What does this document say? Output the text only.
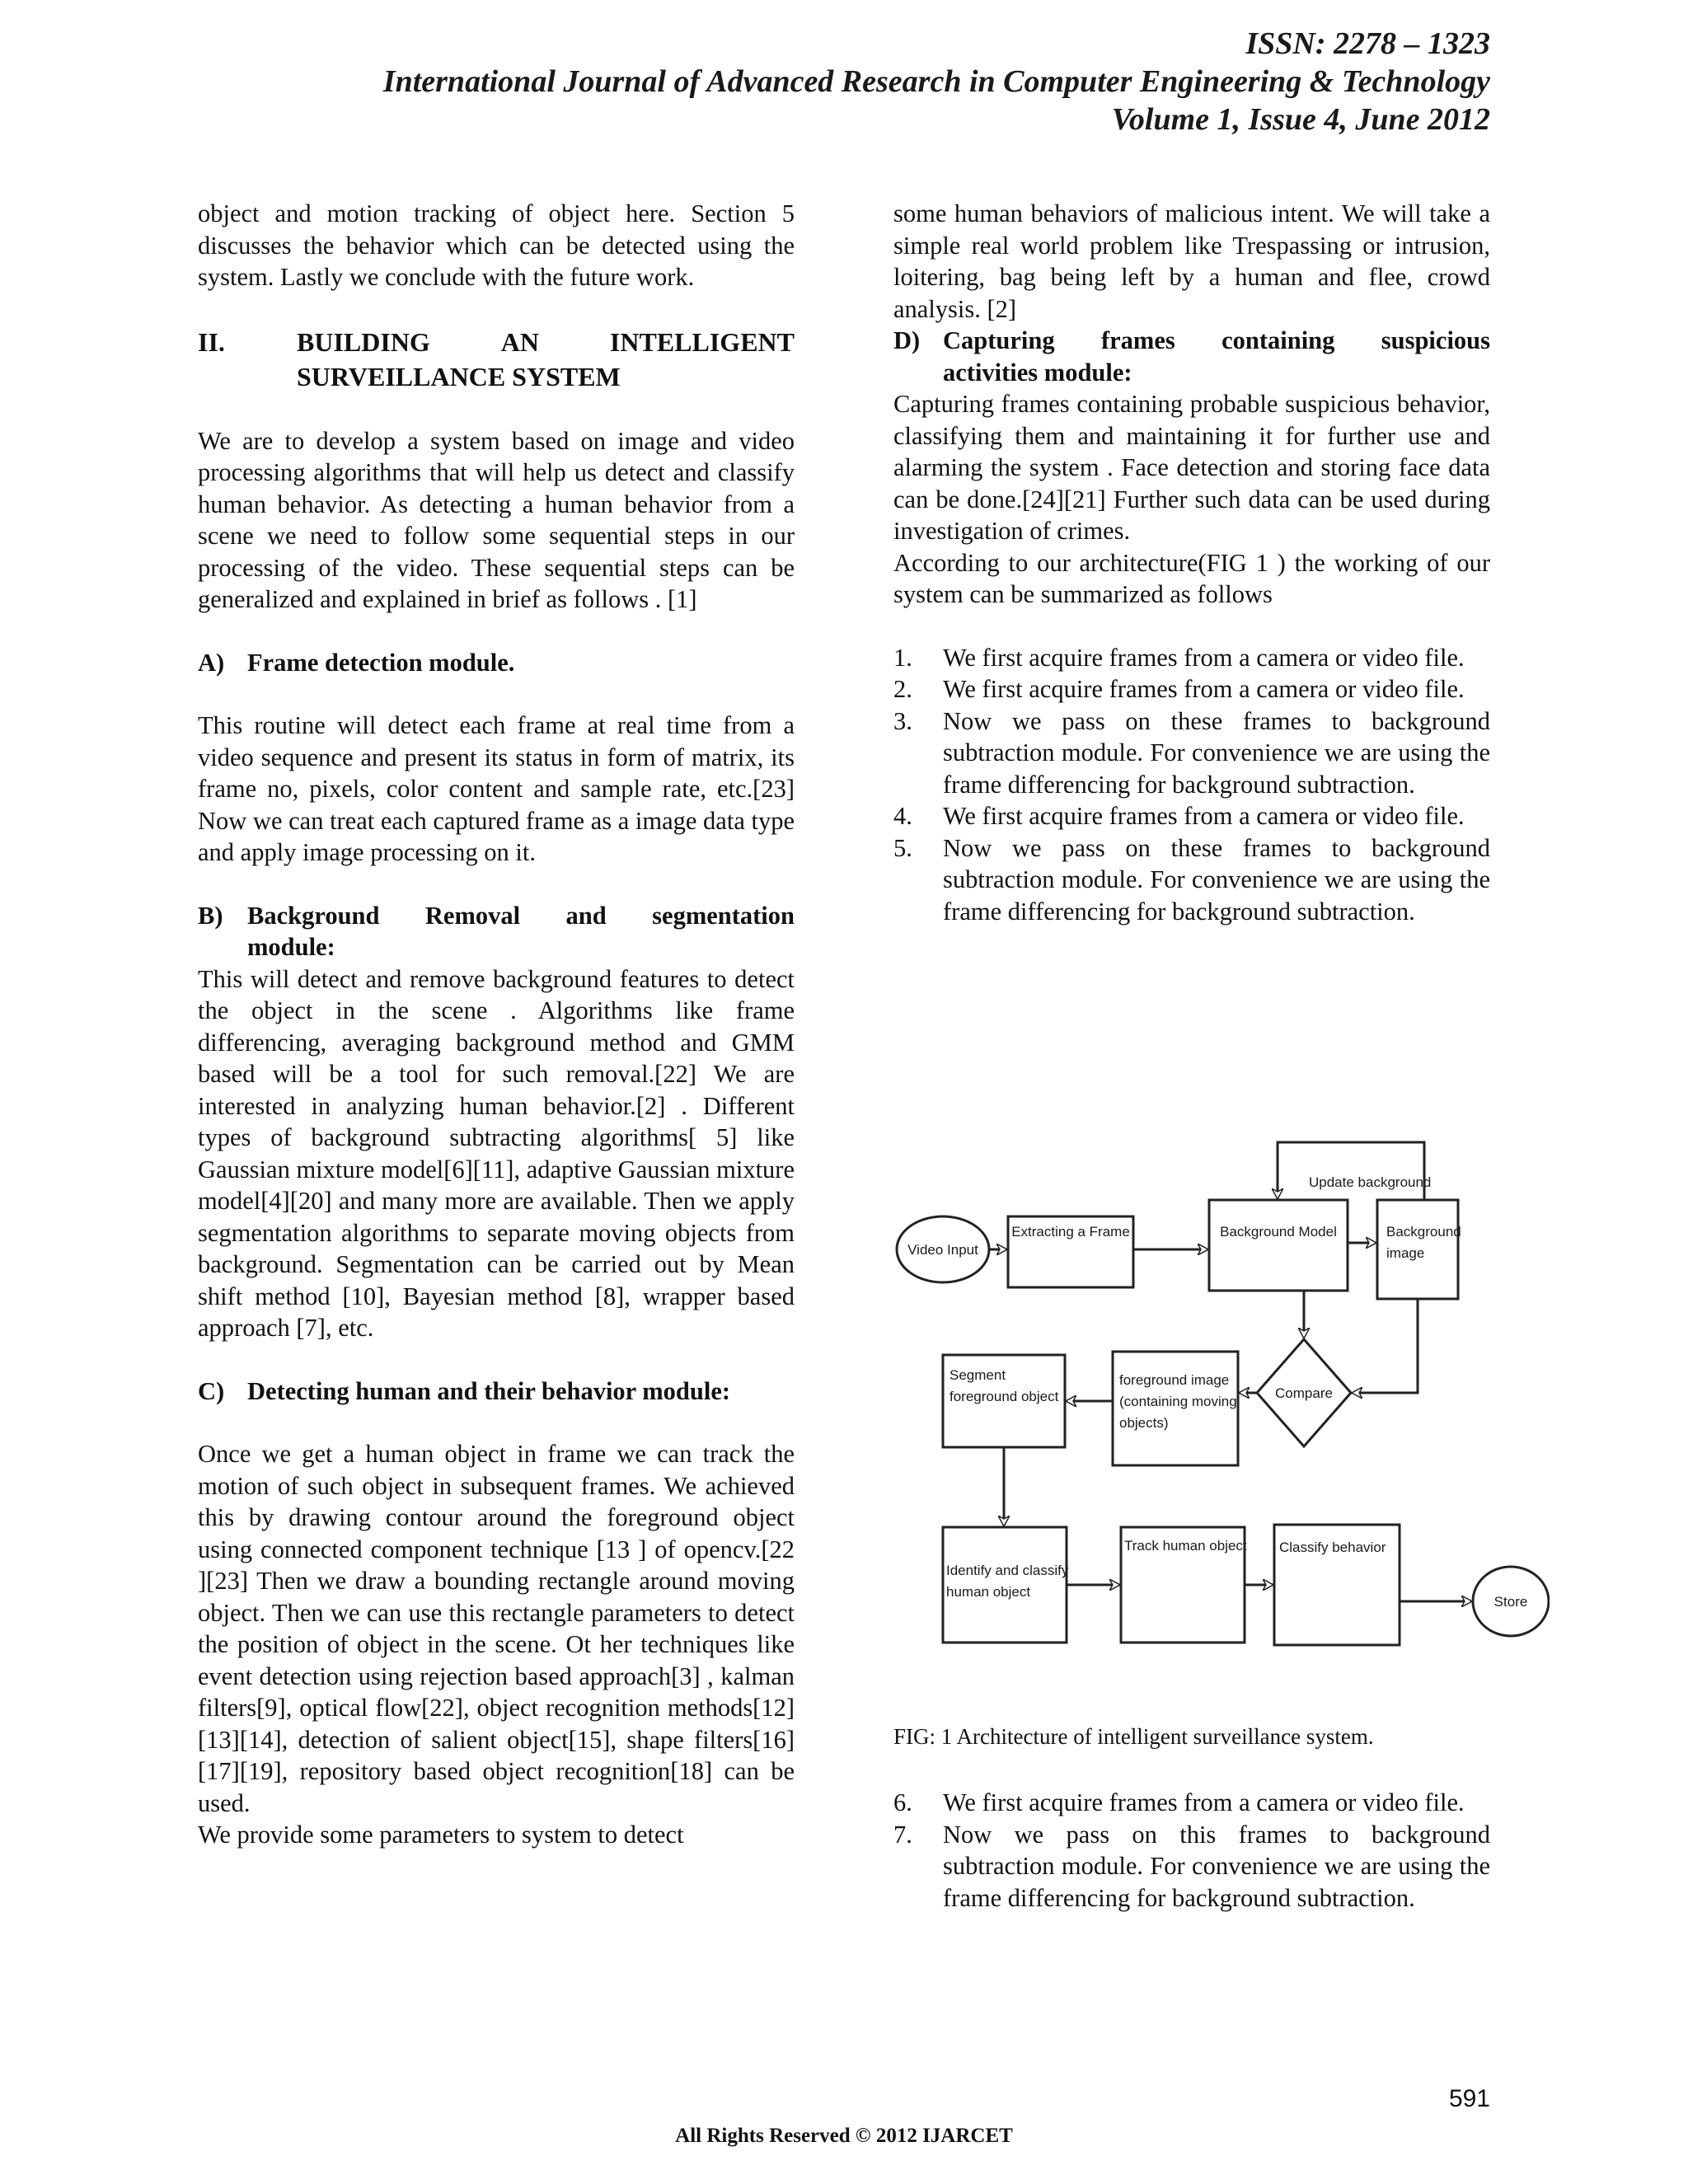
ISSN: 2278 – 1323
International Journal of Advanced Research in Computer Engineering & Technology
Volume 1, Issue 4, June 2012

object and motion tracking of object here. Section 5 discusses the behavior which can be detected using the system. Lastly we conclude with the future work.

II.	BUILDING	AN	INTELLIGENT
SURVEILLANCE SYSTEM

We are to develop a system based on image and video processing algorithms that will help us detect and classify human behavior. As detecting a human behavior from a scene we need to follow some sequential steps in our processing of the video. These sequential steps can be generalized and explained in brief as follows . [1]

A) Frame detection module.

This routine will detect each frame at real time from a video sequence and present its status in form of matrix, its frame no, pixels, color content and sample rate, etc.[23] Now we can treat each captured frame as a image data type and apply image processing on it.

B) Background Removal and segmentation
module:

This will detect and remove background features to detect the object in the scene . Algorithms like frame differencing, averaging background method and GMM based will be a tool for such removal.[22] We are interested in analyzing human behavior.[2] . Different types of background subtracting algorithms[ 5] like Gaussian mixture model[6][11], adaptive Gaussian mixture model[4][20] and many more are available. Then we apply segmentation algorithms to separate moving objects from background. Segmentation can be carried out by Mean shift method [10], Bayesian method [8], wrapper based approach [7], etc.

C) Detecting human and their behavior module:

Once we get a human object in frame we can track the motion of such object in subsequent frames. We achieved this by drawing contour around the foreground object using connected component technique [13 ] of opencv.[22 ][23] Then we draw a bounding rectangle around moving object. Then we can use this rectangle parameters to detect the position of object in the scene. Ot her techniques like event detection using rejection based approach[3] , kalman filters[9], optical flow[22], object recognition methods[12][13][14], detection of salient object[15], shape filters[16][17][19], repository based object recognition[18] can be used.

We provide some parameters to system to detect

some human behaviors of malicious intent. We will take a simple real world problem like Trespassing or intrusion, loitering, bag being left by a human and flee, crowd analysis. [2]

D) Capturing frames containing suspicious
activities module:

Capturing frames containing probable suspicious behavior, classifying them and maintaining it for further use and alarming the system . Face detection and storing face data can be done.[24][21] Further such data can be used during investigation of crimes.

According to our architecture(FIG 1 ) the working of our system can be summarized as follows

1.	We first acquire frames from a camera or video file.
2.	We first acquire frames from a camera or video file.
3.	Now we pass on these frames to background subtraction module. For convenience we are using the frame differencing for background subtraction.
4.	We first acquire frames from a camera or video file.
5.	Now we pass on these frames to background subtraction module. For convenience we are using the frame differencing for background subtraction.
Video Input
Extracting a Frame	Background Model	Background
image
Update background
Compare
foreground image
(containing moving
objects)
Segment
foreground object
Identify and classify
human object
Track human object Classify behavior
Store
FIG: 1 Architecture of intelligent surveillance system.
6.	We first acquire frames from a camera or video file.
7.	Now we pass on this frames to background subtraction module. For convenience we are using the frame differencing for background subtraction.
591
All Rights Reserved © 2012 IJARCET
